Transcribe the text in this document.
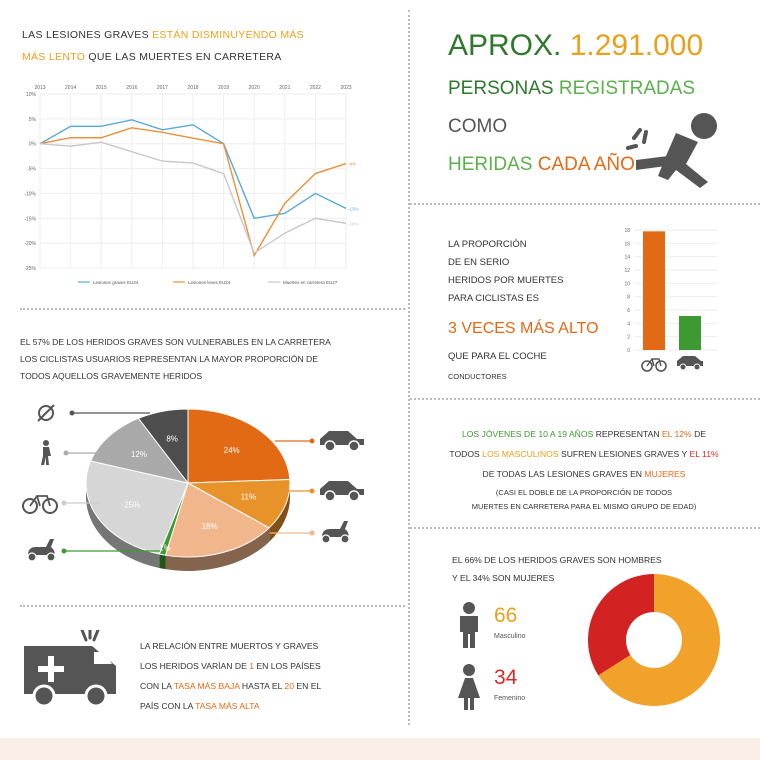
LAS LESIONES GRAVES ESTÁN DISMINUYENDO MÁS
MÁS LENTO QUE LAS MUERTES EN CARRETERA
2013	2014	2015	2016	2017	2018	2019	2020	2021	2022	2023
10%
5%
0%
-5%
-10%
-15%
-20%
-25%
-13%
Lesiones graves EU24
-4%
Lesiones leves EU24
-16%
Muertes en carretera EU27
APROX. 1.291.000
PERSONAS REGISTRADAS
COMO
HERIDAS CADA AÑO
LA PROPORCIÓN
DE EN SERIO
HERIDOS POR MUERTES
PARA CICLISTAS ES
3 VECES MÁS ALTO
QUE PARA EL COCHE
CONDUCTORES
18
16
14
12
10
8
6
4
2
0
EL 57% DE LOS HERIDOS GRAVES SON VULNERABLES EN LA CARRETERA
LOS CICLISTAS USUARIOS REPRESENTAN LA MAYOR PROPORCIÓN DE
TODOS AQUELLOS GRAVEMENTE HERIDOS
24%
11%
18%
1%
25%
12%
8%
LOS JÓVENES DE 10 A 19 AÑOS REPRESENTAN EL 12% DE
TODOS LOS MASCULINOS SUFREN LESIONES GRAVES Y EL 11%
DE TODAS LAS LESIONES GRAVES EN MUJERES
(CASI EL DOBLE DE LA PROPORCIÓN DE TODOS
MUERTES EN CARRETERA PARA EL MISMO GRUPO DE EDAD)
EL 66% DE LOS HERIDOS GRAVES SON HOMBRES
Y EL 34% SON MUJERES
66
Masculino
34
Femenino
LA RELACIÓN ENTRE MUERTOS Y GRAVES
LOS HERIDOS VARÍAN DE 1 EN LOS PAÍSES
CON LA TASA MÁS BAJA HASTA EL 20 EN EL
PAÍS CON LA TASA MÁS ALTA
